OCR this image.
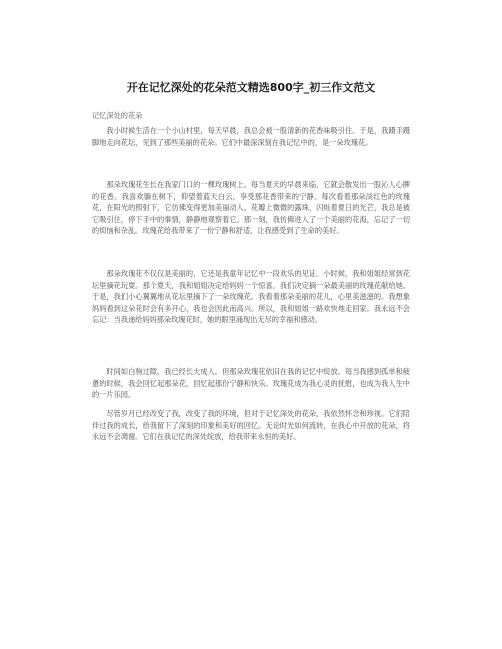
开在记忆深处的花朵范文精选800字_初三作文范文
记忆深处的花朵

我小时候生活在一个小山村里，每天早晨，我总会被一股清新的花香味吸引住。于是，我蹑手蹑脚地走向花坛，见到了那些美丽的花朵。它们中最深深刻在我记忆中的，是一朵玫瑰花。

那朵玫瑰花生长在我家门口的一棵玫瑰树上。每当夏天的早晨来临，它就会散发出一股沁人心脾的花香。我喜欢躺在树下，仰望着蓝天白云，享受那花香带来的宁静。每次看着那朵淡红色的玫瑰花，在阳光的照射下，它仿佛变得更加美丽动人。花瓣上微微的露珠，闪烁着夏日的光芒，我总是被它吸引住，停下手中的事情，静静地观察着它。那一刻，我仿佛进入了一个美丽的花海，忘记了一切的烦恼和杂乱。玫瑰花给我带来了一份宁静和舒适，让我感受到了生命的美好。

那朵玫瑰花不仅仅是美丽的，它还是我童年记忆中一段欢乐的见证。小时候，我和姐姐经常到花坛里摘花玩耍。那个夏天，我和姐姐决定给妈妈一个惊喜，我们决定摘一朵最美丽的玫瑰花献给她。于是，我们小心翼翼地从花坛里摘下了一朵玫瑰花。我看着那朵美丽的花儿，心里美滋滋的。我想象妈妈看到这朵花时会有多开心，我也会因此而高兴。所以，我和姐姐一路欢快地走回家。我永远不会忘记：当我递给妈妈那朵玫瑰花时，她的眼里涌现出无尽的幸福和感动。

时间如白驹过隙，我已经长大成人。但那朵玫瑰花依旧在我的记忆中绽放。每当我感到孤单和疲惫的时候，我会回忆起那朵花，回忆起那份宁静和快乐。玫瑰花成为我心灵的抚慰，也成为我人生中的一片乐园。

尽管岁月已经改变了我，改变了我的环境，但对于记忆深处的花朵，我依然怀念和珍视。它们陪伴过我的成长，给我留下了深刻的印象和美好的回忆。无论时光如何流转，在我心中开放的花朵，将永远不会凋谢。它们在我记忆的深处绽放，给我带来永恒的美好。
